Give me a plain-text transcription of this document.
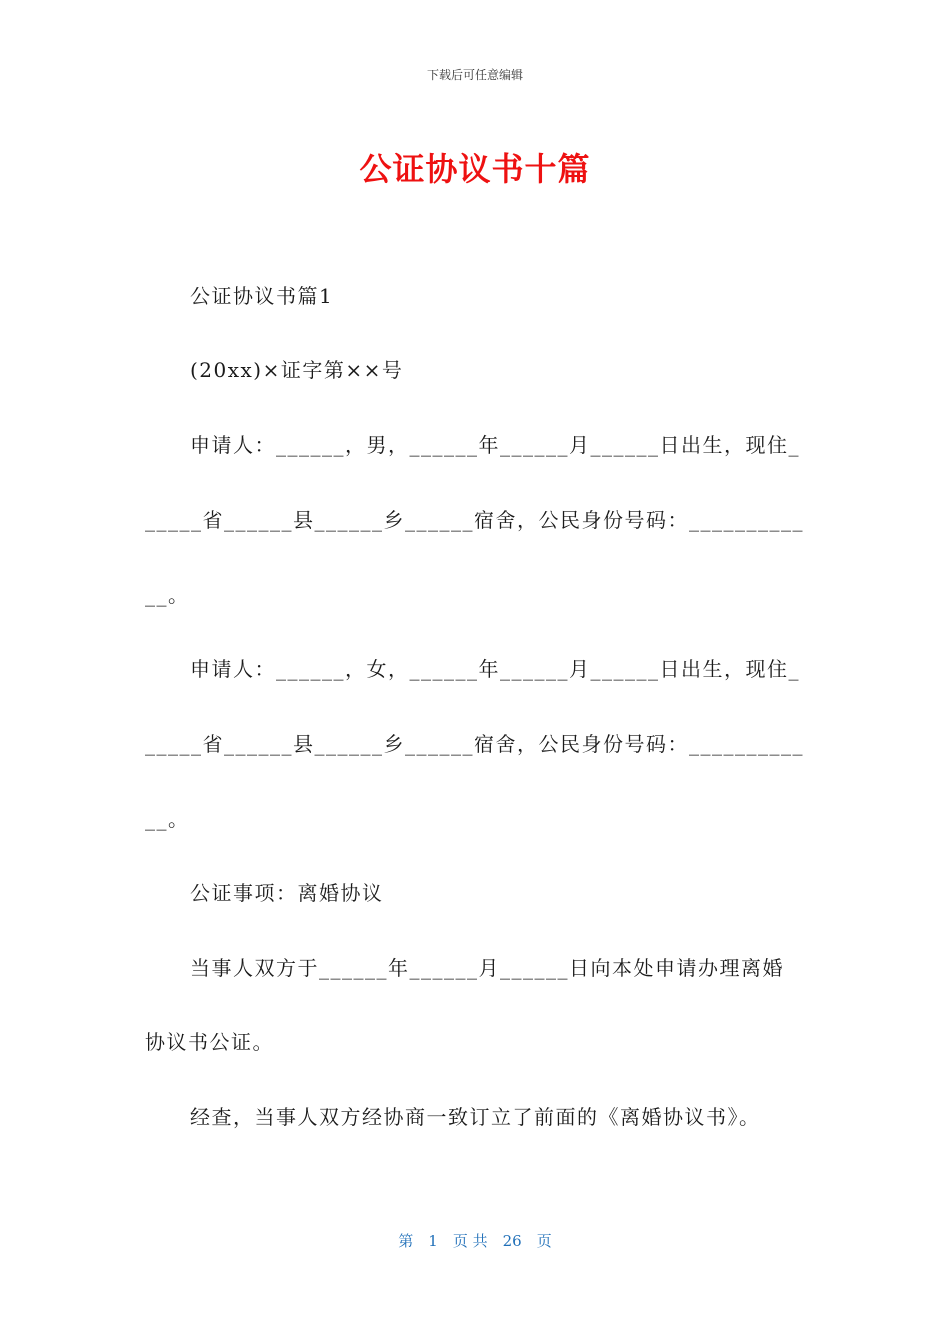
下载后可任意编辑
公证协议书十篇
公证协议书篇1
(20xx)×证字第××号
申请人：______，男，______年______月______日出生，现住_
_____省______县______乡______宿舍，公民身份号码：__________
__。
申请人：______，女，______年______月______日出生，现住_
_____省______县______乡______宿舍，公民身份号码：__________
__。
公证事项：离婚协议
当事人双方于______年______月______日向本处申请办理离婚
协议书公证。
经查，当事人双方经协商一致订立了前面的《离婚协议书》。
第　1　页 共　26　页
